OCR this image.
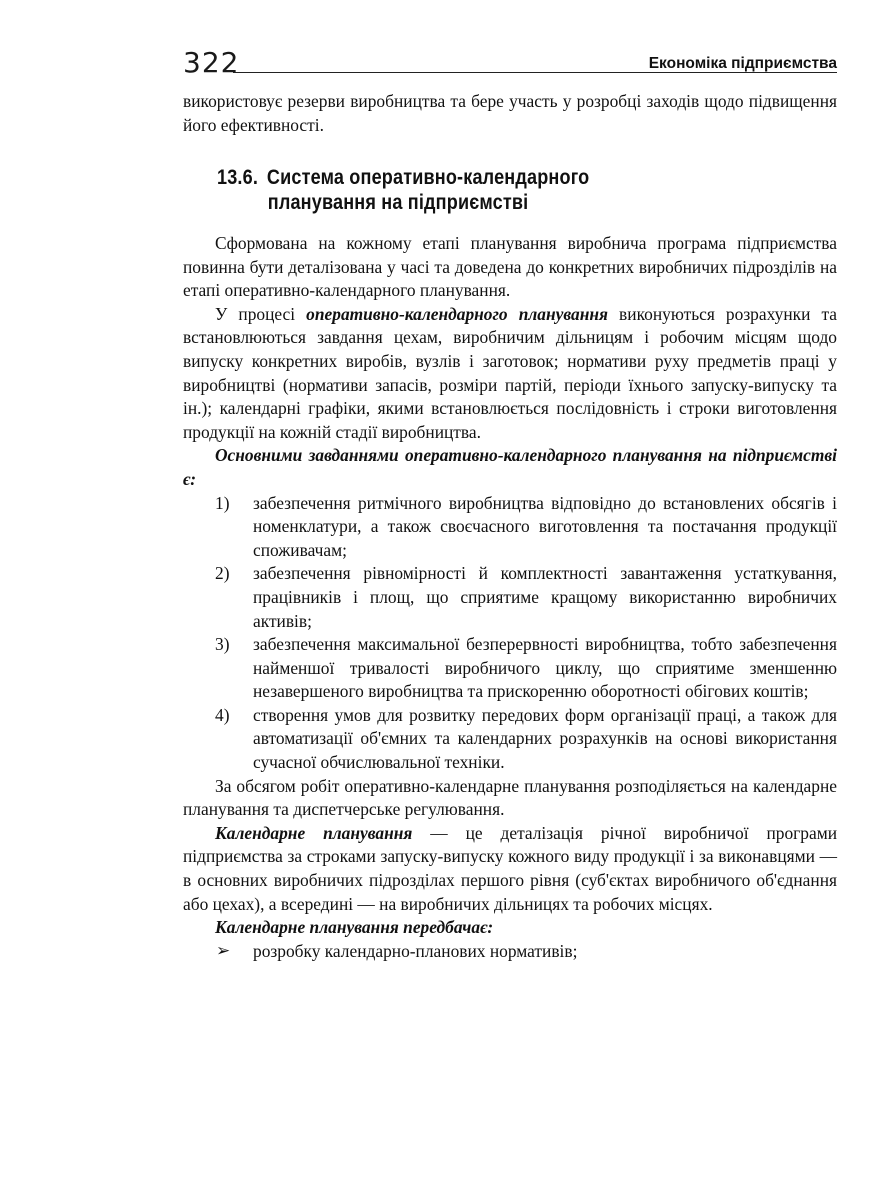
322	Економіка підприємства

використовує резерви виробництва та бере участь у розробці заходів щодо підвищення його ефективності.

13.6. Система оперативно-календарного
планування на підприємстві

Сформована на кожному етапі планування виробнича програма підприємства повинна бути деталізована у часі та доведена до конкретних виробничих підрозділів на етапі оперативно-календарного планування.

У процесі оперативно-календарного планування виконуються розрахунки та встановлюються завдання цехам, виробничим дільницям і робочим місцям щодо випуску конкретних виробів, вузлів і заготовок; нормативи руху предметів праці у виробництві (нормативи запасів, розміри партій, періоди їхнього запуску-випуску та ін.); календарні графіки, якими встановлюється послідовність і строки виготовлення продукції на кожній стадії виробництва.

Основними завданнями оперативно-календарного планування на підприємстві є:

1) забезпечення ритмічного виробництва відповідно до встановлених обсягів і номенклатури, а також своєчасного виготовлення та постачання продукції споживачам;
2) забезпечення рівномірності й комплектності завантаження устаткування, працівників і площ, що сприятиме кращому використанню виробничих активів;
3) забезпечення максимальної безперервності виробництва, тобто забезпечення найменшої тривалості виробничого циклу, що сприятиме зменшенню незавершеного виробництва та прискоренню оборотності обігових коштів;
4) створення умов для розвитку передових форм організації праці, а також для автоматизації об'ємних та календарних розрахунків на основі використання сучасної обчислювальної техніки.

За обсягом робіт оперативно-календарне планування розподіляється на календарне планування та диспетчерське регулювання.

Календарне планування — це деталізація річної виробничої програми підприємства за строками запуску-випуску кожного виду продукції і за виконавцями — в основних виробничих підрозділах першого рівня (суб'єктах виробничого об'єднання або цехах), а всередині — на виробничих дільницях та робочих місцях.

Календарне планування передбачає:

➢ розробку календарно-планових нормативів;
